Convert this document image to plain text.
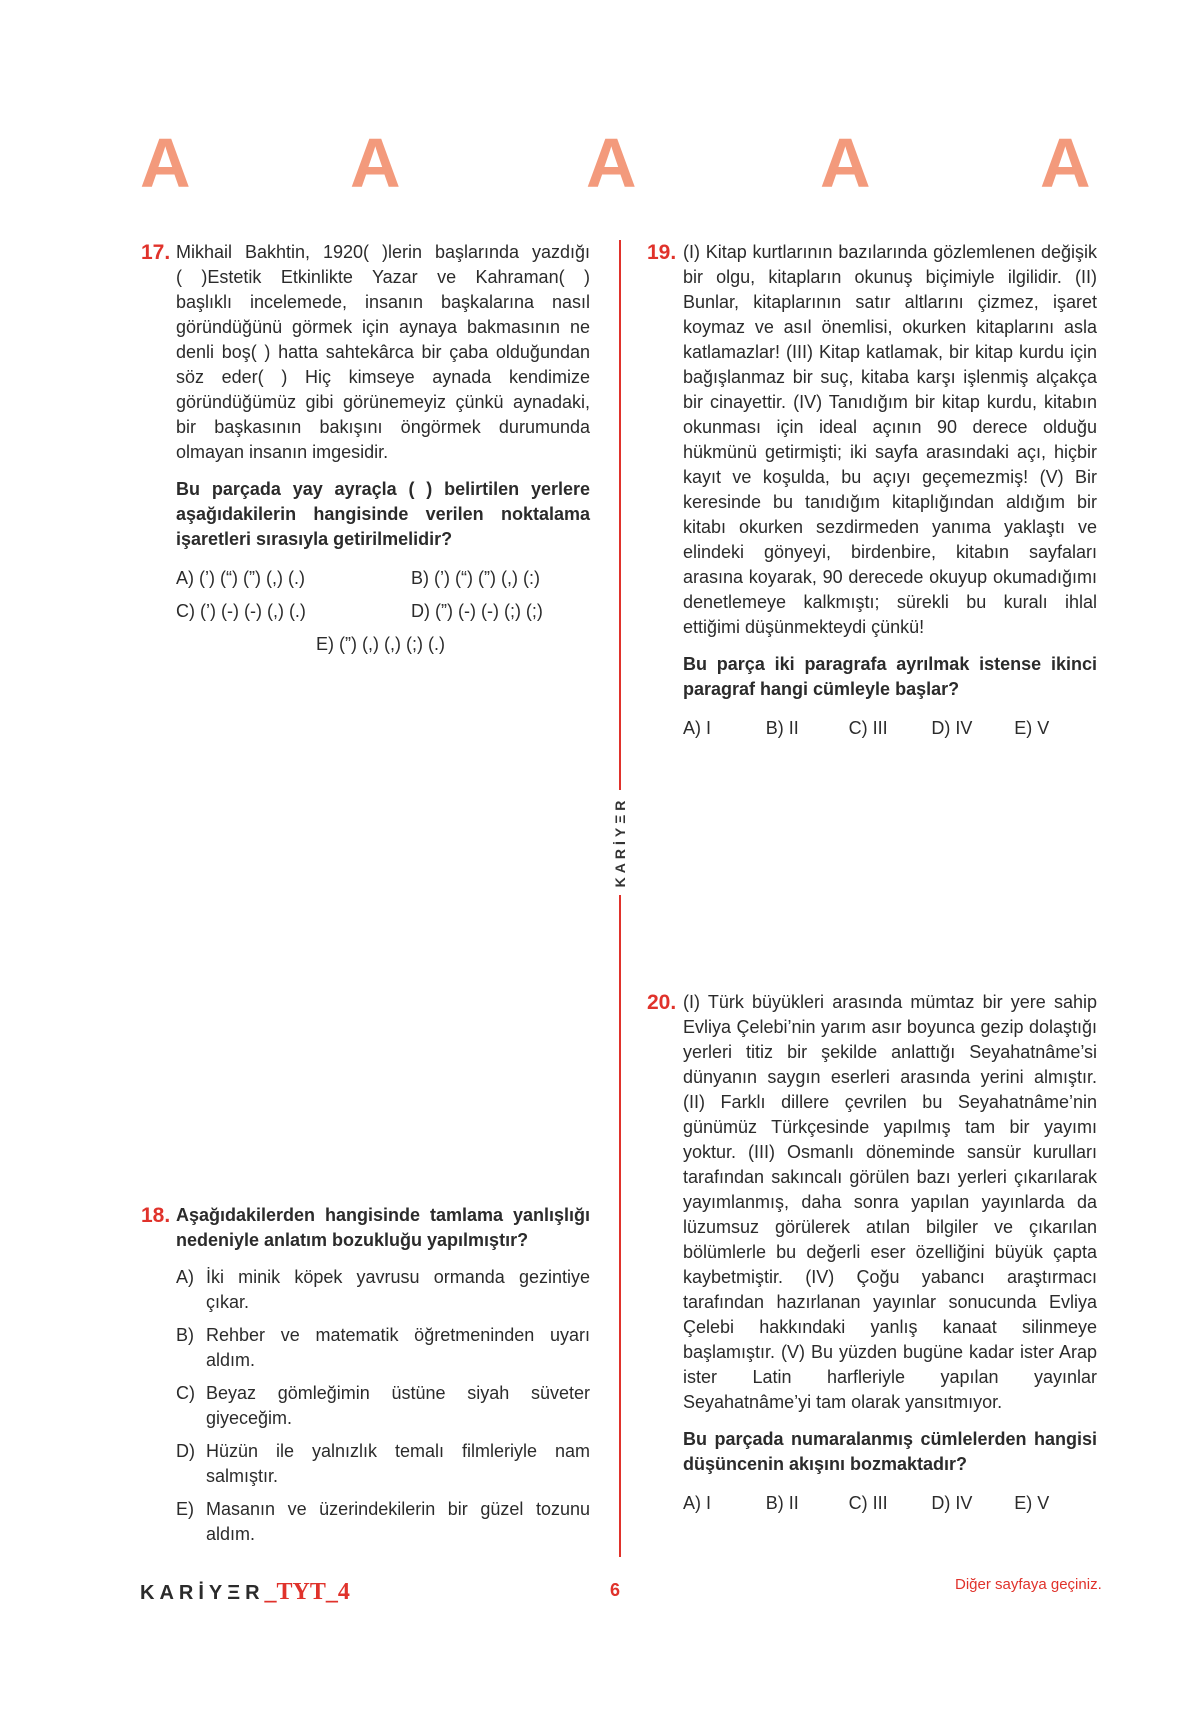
A A	A	A A
17. Mikhail Bakhtin, 1920( )lerin başlarında yazdığı
( )Estetik Etkinlikte Yazar ve Kahraman( )
başlıklı incelemede, insanın başkalarına nasıl
göründüğünü görmek için aynaya bakmasının ne
denli boş( ) hatta sahtekârca bir çaba olduğundan
söz eder( ) Hiç kimseye aynada kendimize
göründüğümüz gibi görünemeyiz çünkü aynadaki,
bir başkasının bakışını öngörmek durumunda
olmayan insanın imgesidir.
Bu parçada yay ayraçla ( ) belirtilen yerlere aşağıdakilerin hangisinde verilen noktalama işaretleri sırasıyla getirilmelidir?
A) (’) (“) (”) (,) (.)	B) (’) (“) (”) (,) (:)
C) (’) (-) (-) (,) (.)	D) (”) (-) (-) (;) (;)
E) (”) (,) (,) (;) (.)
18. Aşağıdakilerden hangisinde tamlama yanlışlığı nedeniyle anlatım bozukluğu yapılmıştır?
A) İki minik köpek yavrusu ormanda gezintiye çıkar.
B) Rehber ve matematik öğretmeninden uyarı aldım.
C) Beyaz gömleğimin üstüne siyah süveter giyeceğim.
D) Hüzün ile yalnızlık temalı filmleriyle nam salmıştır.
E) Masanın ve üzerindekilerin bir güzel tozunu aldım.
KARİYΞR
19. (I) Kitap kurtlarının bazılarında gözlemlenen değişik bir olgu, kitapların okunuş biçimiyle ilgilidir. (II) Bunlar, kitaplarının satır altlarını çizmez, işaret koymaz ve asıl önemlisi, okurken kitaplarını asla katlamazlar! (III) Kitap katlamak, bir kitap kurdu için bağışlanmaz bir suç, kitaba karşı işlenmiş alçakça bir cinayettir. (IV) Tanıdığım bir kitap kurdu, kitabın okunması için ideal açının 90 derece olduğu hükmünü getirmişti; iki sayfa arasındaki açı, hiçbir kayıt ve koşulda, bu açıyı geçemezmiş! (V) Bir keresinde bu tanıdığım kitaplığından aldığım bir kitabı okurken sezdirmeden yanıma yaklaştı ve elindeki gönyeyi, birdenbire, kitabın sayfaları arasına koyarak, 90 derecede okuyup okumadığımı denetlemeye kalkmıştı; sürekli bu kuralı ihlal ettiğimi düşünmekteydi çünkü!

Bu parça iki paragrafa ayrılmak istense ikinci paragraf hangi cümleyle başlar?
A) I	B) II	C) III	D) IV	E) V
20. (I) Türk büyükleri arasında mümtaz bir yere sahip Evliya Çelebi’nin yarım asır boyunca gezip dolaştığı yerleri titiz bir şekilde anlattığı Seyahatnâme’si dünyanın saygın eserleri arasında yerini almıştır. (II) Farklı dillere çevrilen bu Seyahatnâme’nin günümüz Türkçesinde yapılmış tam bir yayımı yoktur. (III) Osmanlı döneminde sansür kurulları tarafından sakıncalı görülen bazı yerleri çıkarılarak yayımlanmış, daha sonra yapılan yayınlarda da lüzumsuz görülerek atılan bilgiler ve çıkarılan bölümlerle bu değerli eser özelliğini büyük çapta kaybetmiştir. (IV) Çoğu yabancı araştırmacı tarafından hazırlanan yayınlar sonucunda Evliya Çelebi hakkındaki yanlış kanaat silinmeye başlamıştır. (V) Bu yüzden bugüne kadar ister Arap ister Latin harfleriyle yapılan yayınlar Seyahatnâme’yi tam olarak yansıtmıyor.

Bu parçada numaralanmış cümlelerden hangisi düşüncenin akışını bozmaktadır?
A) I	B) II	C) III	D) IV	E) V
KARİYΞR_TYT_4	6	Diğer sayfaya geçiniz.
